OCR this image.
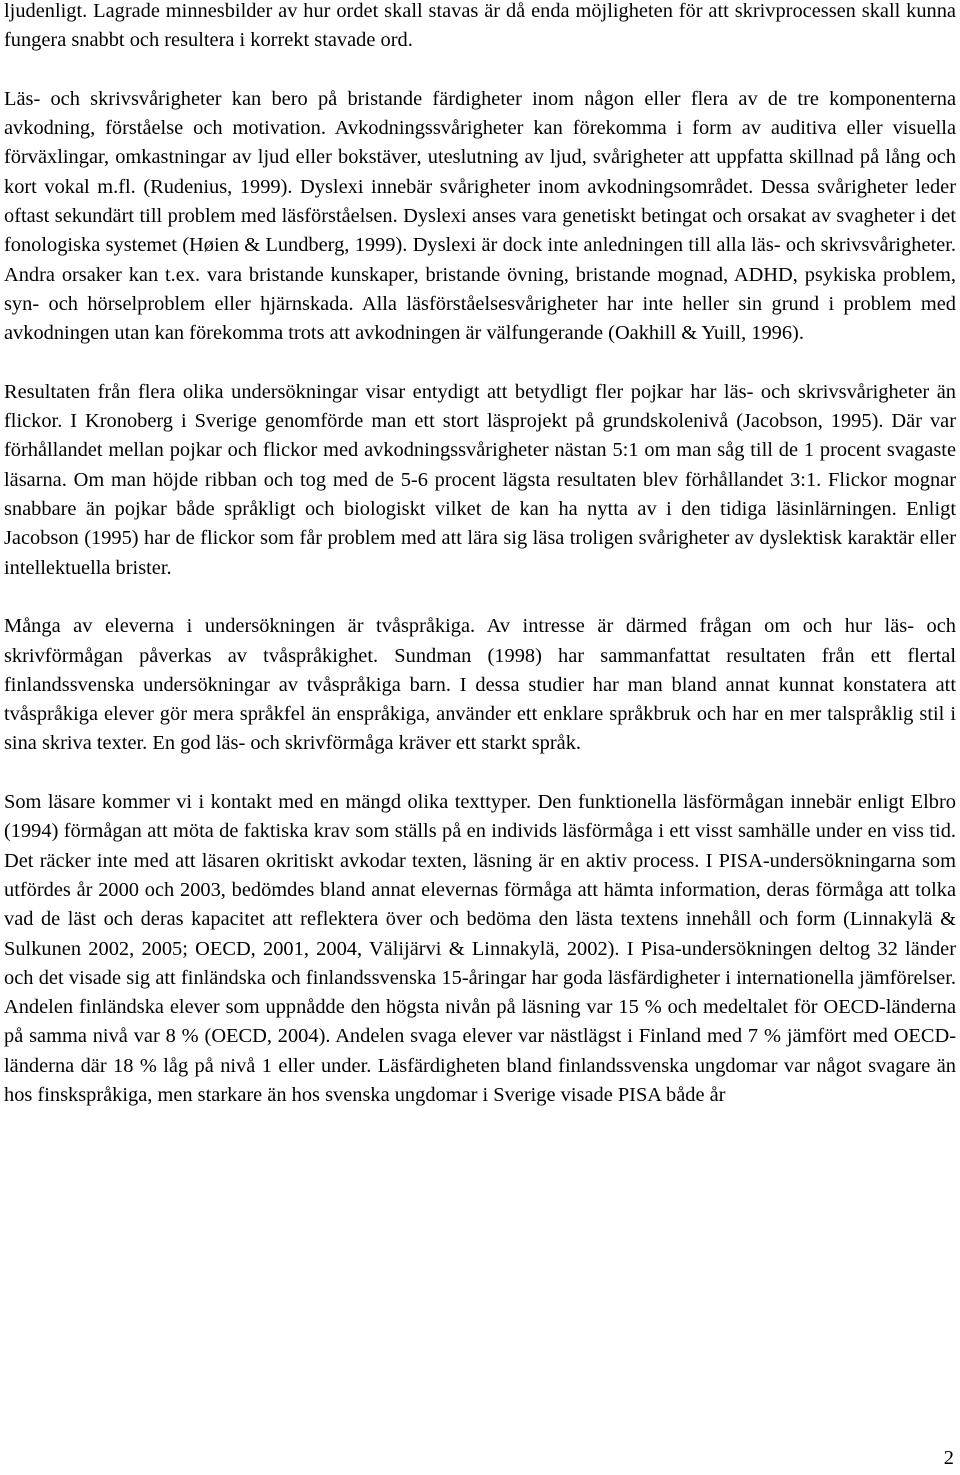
ljudenligt. Lagrade minnesbilder av hur ordet skall stavas är då enda möjligheten för att skrivprocessen skall kunna fungera snabbt och resultera i korrekt stavade ord.

Läs- och skrivsvårigheter kan bero på bristande färdigheter inom någon eller flera av de tre komponenterna avkodning, förståelse och motivation. Avkodningssvårigheter kan förekomma i form av auditiva eller visuella förväxlingar, omkastningar av ljud eller bokstäver, uteslutning av ljud, svårigheter att uppfatta skillnad på lång och kort vokal m.fl. (Rudenius, 1999). Dyslexi innebär svårigheter inom avkodningsområdet. Dessa svårigheter leder oftast sekundärt till problem med läsförståelsen. Dyslexi anses vara genetiskt betingat och orsakat av svagheter i det fonologiska systemet (Høien & Lundberg, 1999). Dyslexi är dock inte anledningen till alla läs- och skrivsvårigheter. Andra orsaker kan t.ex. vara bristande kunskaper, bristande övning, bristande mognad, ADHD, psykiska problem, syn- och hörselproblem eller hjärnskada. Alla läsförståelsesvårigheter har inte heller sin grund i problem med avkodningen utan kan förekomma trots att avkodningen är välfungerande (Oakhill & Yuill, 1996).

Resultaten från flera olika undersökningar visar entydigt att betydligt fler pojkar har läs- och skrivsvårigheter än flickor. I Kronoberg i Sverige genomförde man ett stort läsprojekt på grundskolenivå (Jacobson, 1995). Där var förhållandet mellan pojkar och flickor med avkodningssvårigheter nästan 5:1 om man såg till de 1 procent svagaste läsarna. Om man höjde ribban och tog med de 5-6 procent lägsta resultaten blev förhållandet 3:1. Flickor mognar snabbare än pojkar både språkligt och biologiskt vilket de kan ha nytta av i den tidiga läsinlärningen. Enligt Jacobson (1995) har de flickor som får problem med att lära sig läsa troligen svårigheter av dyslektisk karaktär eller intellektuella brister.

Många av eleverna i undersökningen är tvåspråkiga. Av intresse är därmed frågan om och hur läs- och skrivförmågan påverkas av tvåspråkighet. Sundman (1998) har sammanfattat resultaten från ett flertal finlandssvenska undersökningar av tvåspråkiga barn. I dessa studier har man bland annat kunnat konstatera att tvåspråkiga elever gör mera språkfel än enspråkiga, använder ett enklare språkbruk och har en mer talspråklig stil i sina skriva texter. En god läs- och skrivförmåga kräver ett starkt språk.

Som läsare kommer vi i kontakt med en mängd olika texttyper. Den funktionella läsförmågan innebär enligt Elbro (1994) förmågan att möta de faktiska krav som ställs på en individs läsförmåga i ett visst samhälle under en viss tid. Det räcker inte med att läsaren okritiskt avkodar texten, läsning är en aktiv process. I PISA-undersökningarna som utfördes år 2000 och 2003, bedömdes bland annat elevernas förmåga att hämta information, deras förmåga att tolka vad de läst och deras kapacitet att reflektera över och bedöma den lästa textens innehåll och form (Linnakylä & Sulkunen 2002, 2005; OECD, 2001, 2004, Välijärvi & Linnakylä, 2002). I Pisa-undersökningen deltog 32 länder och det visade sig att finländska och finlandssvenska 15-åringar har goda läsfärdigheter i internationella jämförelser. Andelen finländska elever som uppnådde den högsta nivån på läsning var 15 % och medeltalet för OECD-länderna på samma nivå var 8 % (OECD, 2004). Andelen svaga elever var nästlägst i Finland med 7 % jämfört med OECD-länderna där 18 % låg på nivå 1 eller under. Läsfärdigheten bland finlandssvenska ungdomar var något svagare än hos finskspråkiga, men starkare än hos svenska ungdomar i Sverige visade PISA både år

2
